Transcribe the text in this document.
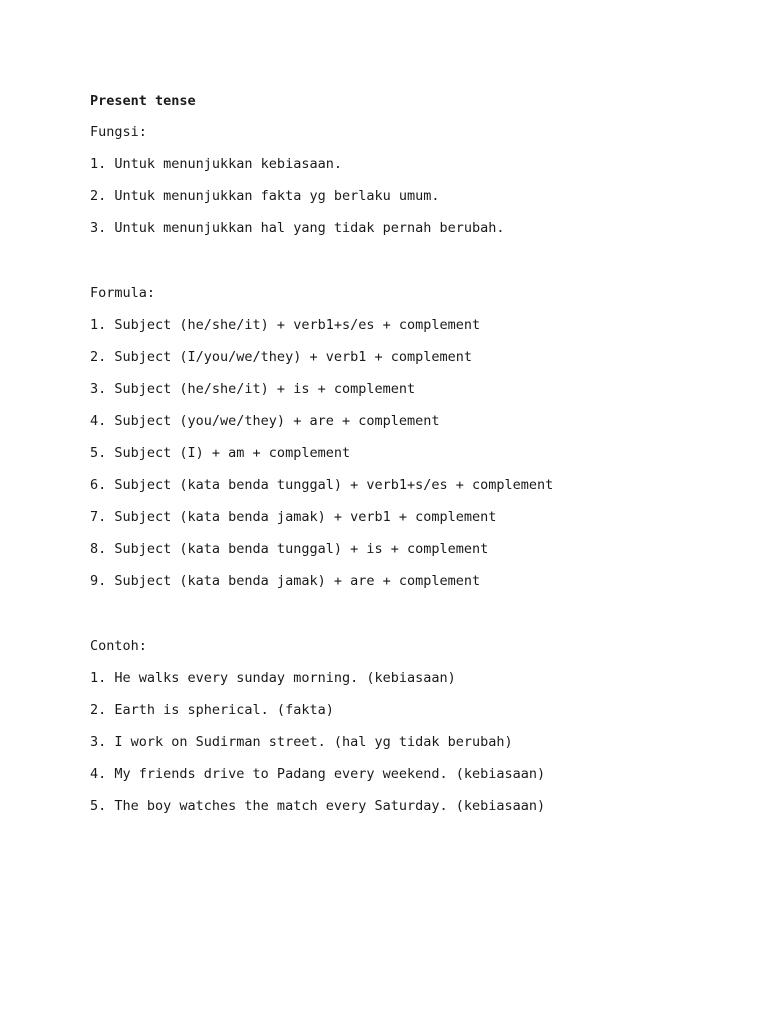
Present tense
Fungsi:
1. Untuk menunjukkan kebiasaan.
2. Untuk menunjukkan fakta yg berlaku umum.
3. Untuk menunjukkan hal yang tidak pernah berubah.
Formula:
1. Subject (he/she/it) + verb1+s/es + complement
2. Subject (I/you/we/they) + verb1 + complement
3. Subject (he/she/it) + is + complement
4. Subject (you/we/they) + are + complement
5. Subject (I) + am + complement
6. Subject (kata benda tunggal) + verb1+s/es + complement
7. Subject (kata benda jamak) + verb1 + complement
8. Subject (kata benda tunggal) + is + complement
9. Subject (kata benda jamak) + are + complement
Contoh:
1. He walks every sunday morning. (kebiasaan)
2. Earth is spherical. (fakta)
3. I work on Sudirman street. (hal yg tidak berubah)
4. My friends drive to Padang every weekend. (kebiasaan)
5. The boy watches the match every Saturday. (kebiasaan)
